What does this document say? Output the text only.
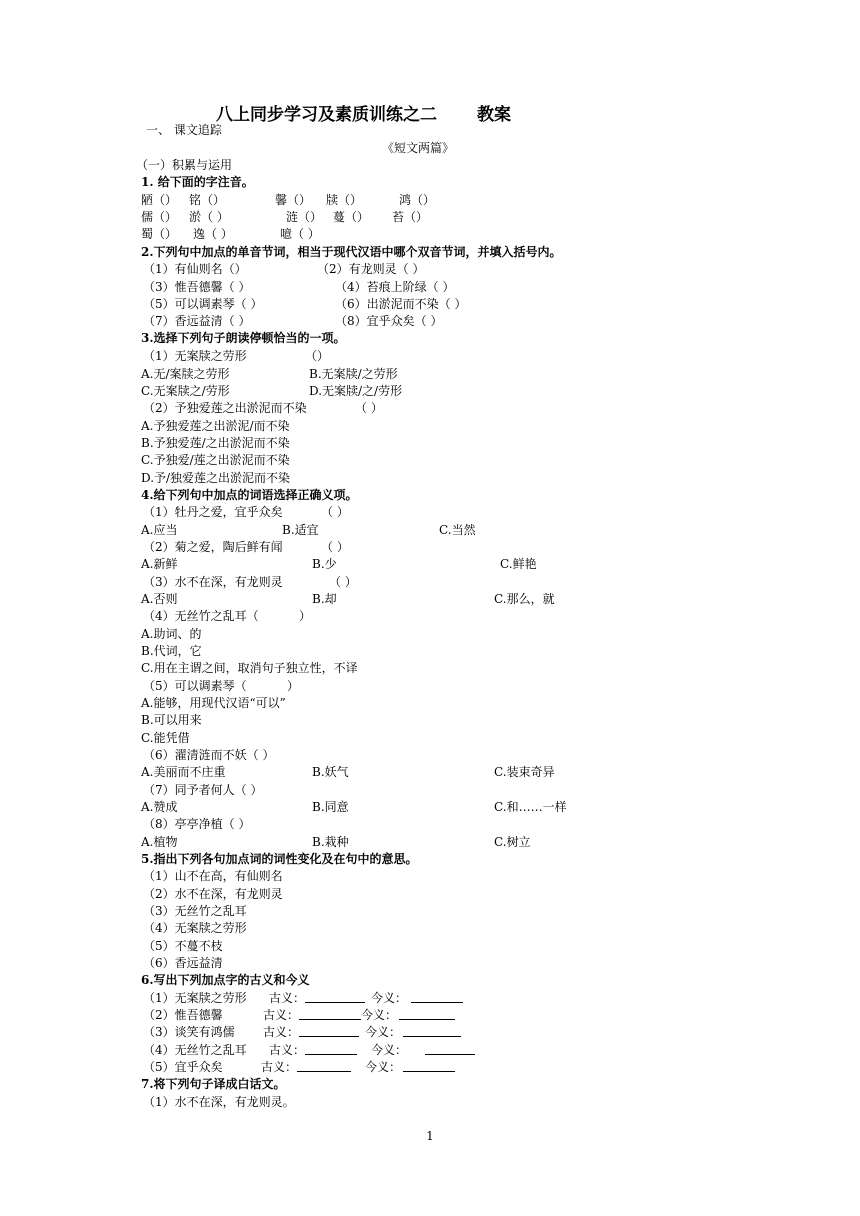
八上同步学习及素质训练之二 教案
一、 课文追踪
《短文两篇》
（一）积累与运用
1. 给下面的字注音。
陋（） 铭（）	馨（） 牍（）	鸿（）
儒（） 淤（ ）	涟（） 蔓（） 苔（）
蜀（） 逸（ ）	噫（ ）
2.下列句中加点的单音节词，相当于现代汉语中哪个双音节词，并填入括号内。
（1）有仙则名（）	（2）有龙则灵（ ）
（3）惟吾德馨（ ）	（4）苔痕上阶绿（ ）
（5）可以调素琴（ ）	（6）出淤泥而不染（ ）
（7）香远益清（ ）	（8）宜乎众矣（ ）
3.选择下列句子朗读停顿恰当的一项。
（1）无案牍之劳形	（）
A.无/案牍之劳形	B.无案牍/之劳形
C.无案牍之/劳形	D.无案牍/之/劳形
（2）予独爱莲之出淤泥而不染	（ ）
A.予独爱莲之出淤泥/而不染
B.予独爱莲/之出淤泥而不染
C.予独爱/莲之出淤泥而不染
D.予/独爱莲之出淤泥而不染
4.给下列句中加点的词语选择正确义项。
（1）牡丹之爱，宜乎众矣	（ ）
A.应当	B.适宜	C.当然
（2）菊之爱，陶后鲜有闻	（ ）
A.新鲜	B.少	C.鲜艳
（3）水不在深，有龙则灵	（ ）
A.否则	B.却	C.那么，就
（4）无丝竹之乱耳（	）
A.助词、的
B.代词，它
C.用在主谓之间，取消句子独立性，不译
（5）可以调素琴（	）
A.能够，用现代汉语“可以”
B.可以用来
C.能凭借
（6）濯清涟而不妖（ ）
A.美丽而不庄重	B.妖气	C.装束奇异
（7）同予者何人（ ）
A.赞成	B.同意	C.和……一样
（8）亭亭净植（ ）
A.植物	B.栽种	C.树立
5.指出下列各句加点词的词性变化及在句中的意思。
（1）山不在高，有仙则名
（2）水不在深，有龙则灵
（3）无丝竹之乱耳
（4）无案牍之劳形
（5）不蔓不枝
（6）香远益清
6.写出下列加点字的古义和今义
（1）无案牍之劳形 古义：	今义：
（2）惟吾德馨	古义：	今义：
（3）谈笑有鸿儒 古义：	今义：
（4）无丝竹之乱耳 古义：	今义：
（5）宜乎众矣	古义：	今义：
7.将下列句子译成白话文。
（1）水不在深，有龙则灵。
1
